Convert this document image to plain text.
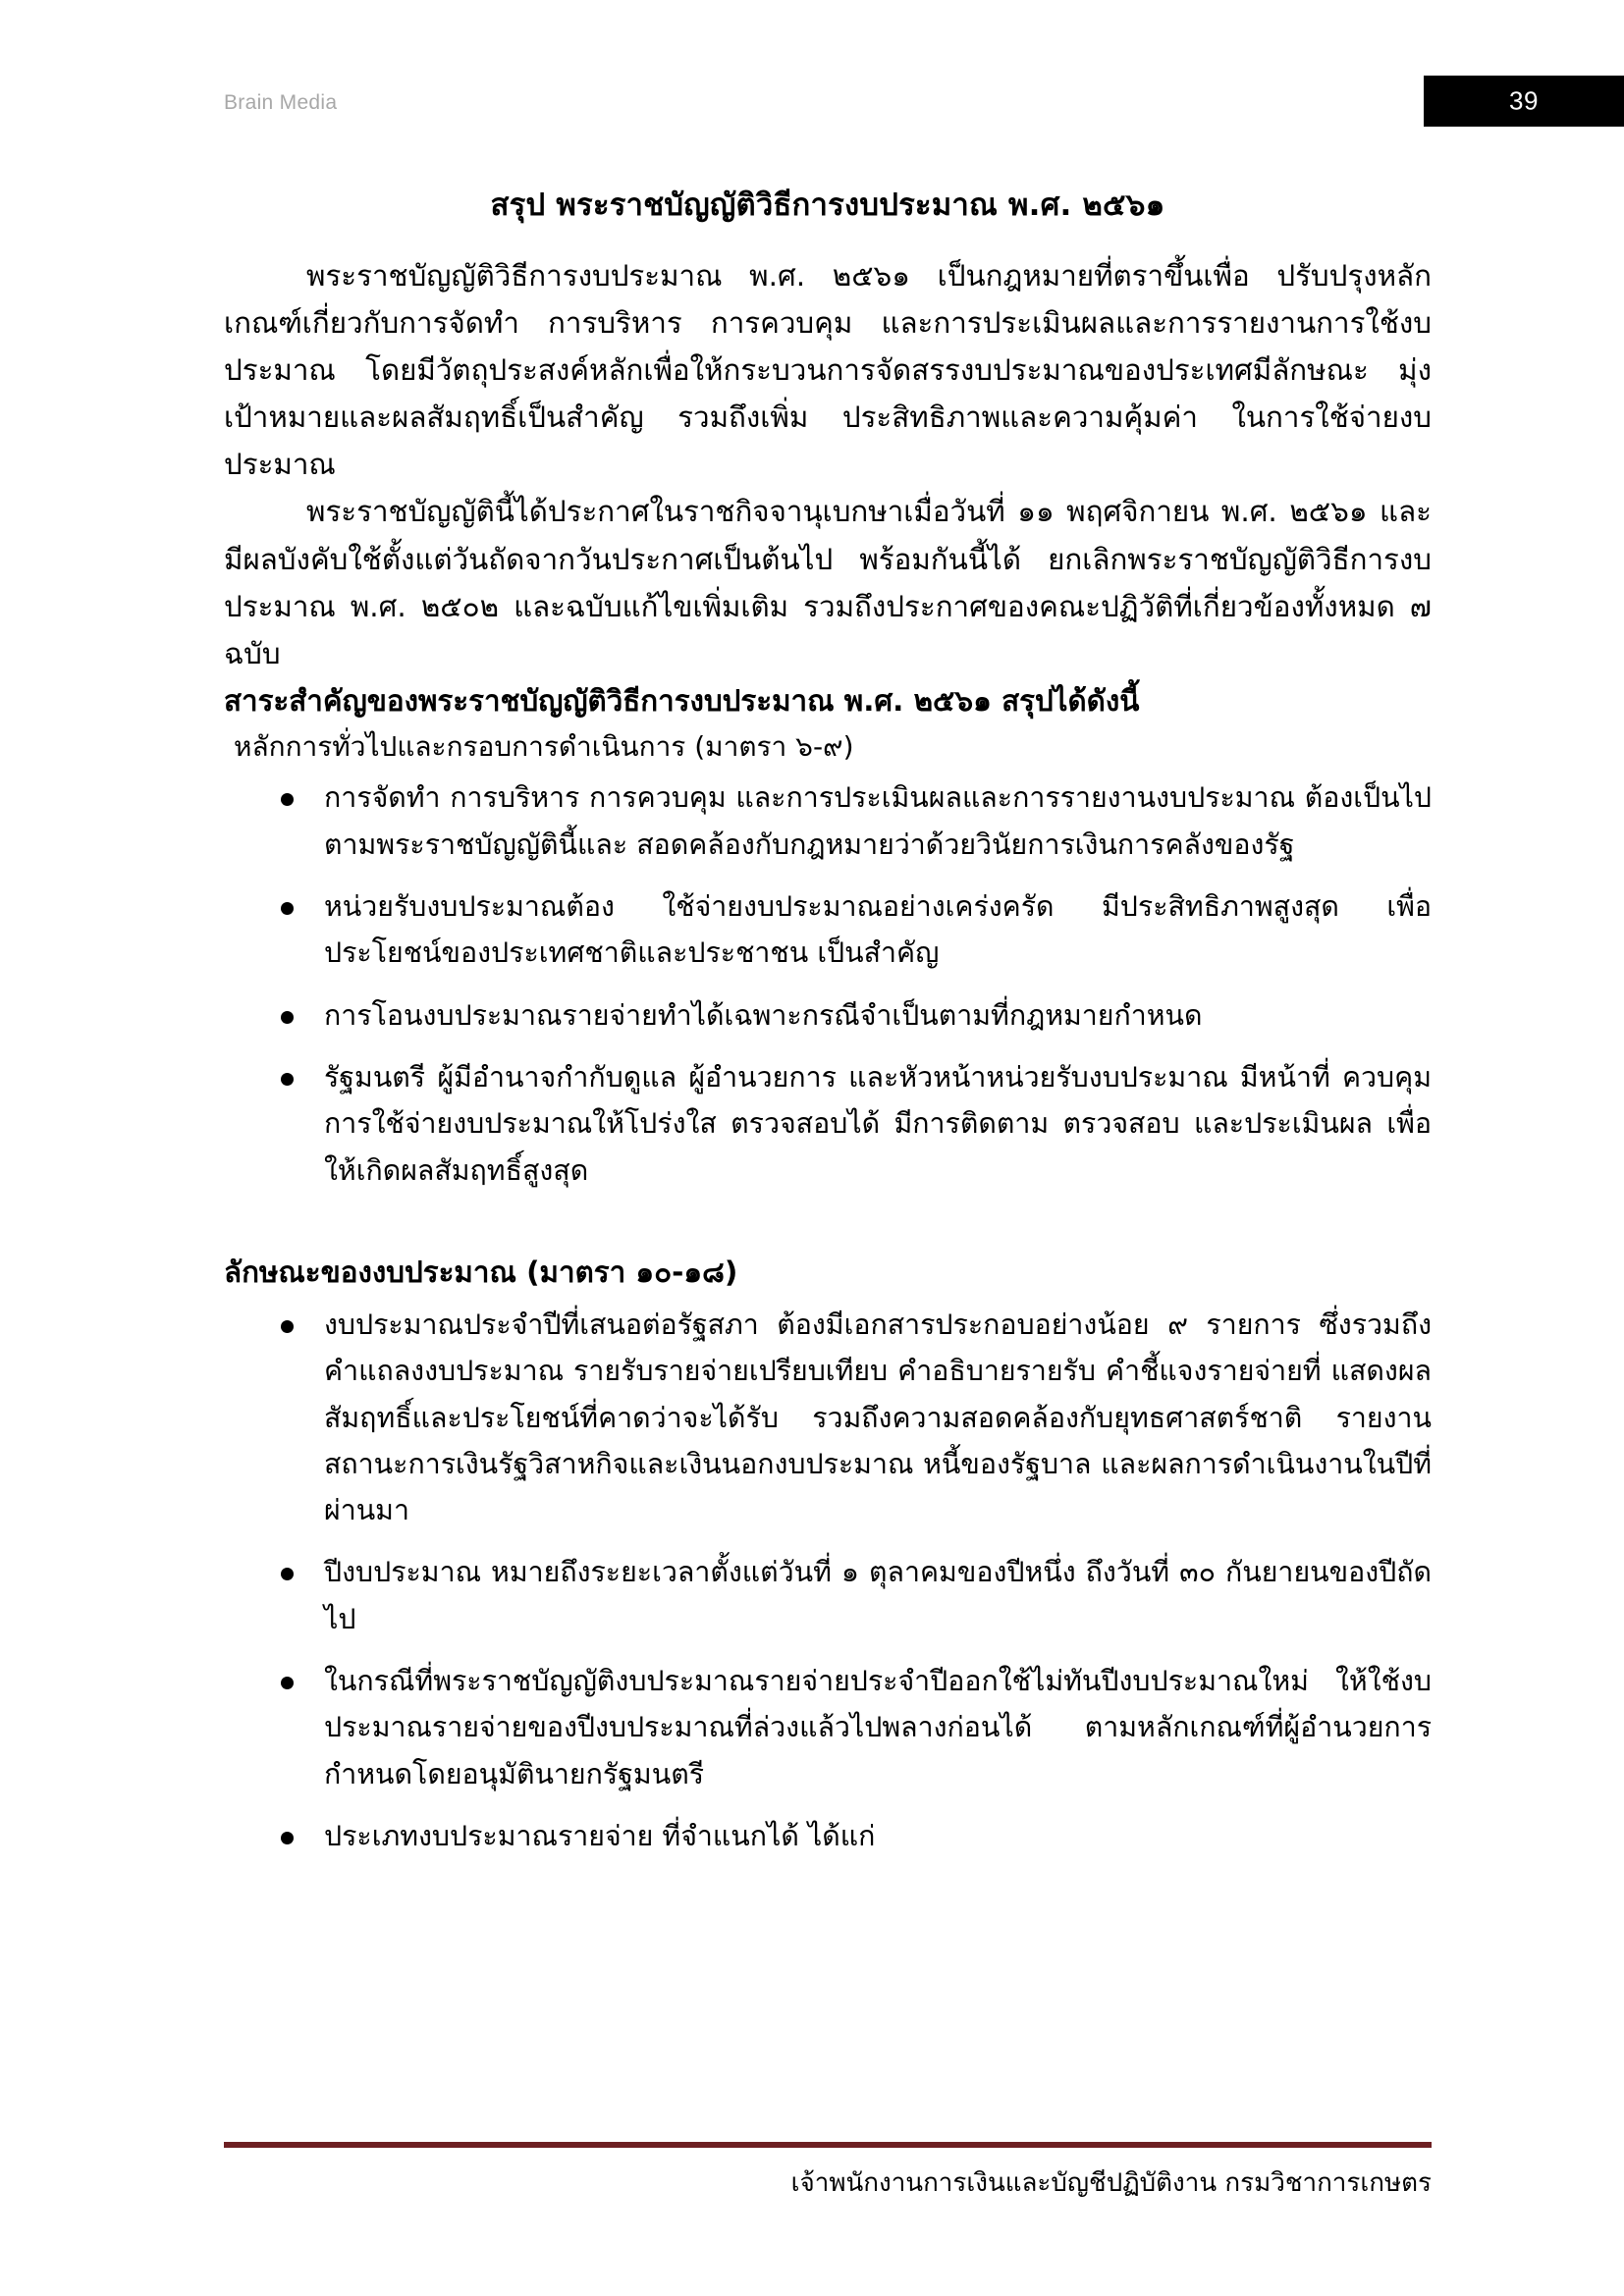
Brain Media	39
สรุป พระราชบัญญัติวิธีการงบประมาณ พ.ศ. ๒๕๖๑

พระราชบัญญัติวิธีการงบประมาณ พ.ศ. ๒๕๖๑ เป็นกฎหมายที่ตราขึ้นเพื่อ ปรับปรุงหลักเกณฑ์เกี่ยวกับการจัดทำ การบริหาร การควบคุม และการประเมินผลและการรายงานการใช้งบประมาณ โดยมีวัตถุประสงค์หลักเพื่อให้กระบวนการจัดสรรงบประมาณของประเทศมีลักษณะ มุ่งเป้าหมายและผลสัมฤทธิ์เป็นสำคัญ รวมถึงเพิ่ม ประสิทธิภาพและความคุ้มค่า ในการใช้จ่ายงบประมาณ

พระราชบัญญัตินี้ได้ประกาศในราชกิจจานุเบกษาเมื่อวันที่ ๑๑ พฤศจิกายน พ.ศ. ๒๕๖๑ และมีผลบังคับใช้ตั้งแต่วันถัดจากวันประกาศเป็นต้นไป พร้อมกันนี้ได้ ยกเลิกพระราชบัญญัติวิธีการงบประมาณ พ.ศ. ๒๕๐๒ และฉบับแก้ไขเพิ่มเติม รวมถึงประกาศของคณะปฏิวัติที่เกี่ยวข้องทั้งหมด ๗ ฉบับ

สาระสำคัญของพระราชบัญญัติวิธีการงบประมาณ พ.ศ. ๒๕๖๑ สรุปได้ดังนี้

หลักการทั่วไปและกรอบการดำเนินการ (มาตรา ๖-๙)

การจัดทำ การบริหาร การควบคุม และการประเมินผลและการรายงานงบประมาณ ต้องเป็นไปตามพระราชบัญญัตินี้และ สอดคล้องกับกฎหมายว่าด้วยวินัยการเงินการคลังของรัฐ
หน่วยรับงบประมาณต้อง ใช้จ่ายงบประมาณอย่างเคร่งครัด มีประสิทธิภาพสูงสุด เพื่อประโยชน์ของประเทศชาติและประชาชน เป็นสำคัญ
การโอนงบประมาณรายจ่ายทำได้เฉพาะกรณีจำเป็นตามที่กฎหมายกำหนด
รัฐมนตรี ผู้มีอำนาจกำกับดูแล ผู้อำนวยการ และหัวหน้าหน่วยรับงบประมาณ มีหน้าที่ ควบคุมการใช้จ่ายงบประมาณให้โปร่งใส ตรวจสอบได้ มีการติดตาม ตรวจสอบ และประเมินผล เพื่อให้เกิดผลสัมฤทธิ์สูงสุด
ลักษณะของงบประมาณ (มาตรา ๑๐-๑๘)
งบประมาณประจำปีที่เสนอต่อรัฐสภา ต้องมีเอกสารประกอบอย่างน้อย ๙ รายการ ซึ่งรวมถึงคำแถลงงบประมาณ รายรับรายจ่ายเปรียบเทียบ คำอธิบายรายรับ คำชี้แจงรายจ่ายที่ แสดงผลสัมฤทธิ์และประโยชน์ที่คาดว่าจะได้รับ รวมถึงความสอดคล้องกับยุทธศาสตร์ชาติ รายงานสถานะการเงินรัฐวิสาหกิจและเงินนอกงบประมาณ หนี้ของรัฐบาล และผลการดำเนินงานในปีที่ผ่านมา
ปีงบประมาณ หมายถึงระยะเวลาตั้งแต่วันที่ ๑ ตุลาคมของปีหนึ่ง ถึงวันที่ ๓๐ กันยายนของปีถัดไป
ในกรณีที่พระราชบัญญัติงบประมาณรายจ่ายประจำปีออกใช้ไม่ทันปีงบประมาณใหม่ ให้ใช้งบประมาณรายจ่ายของปีงบประมาณที่ล่วงแล้วไปพลางก่อนได้ ตามหลักเกณฑ์ที่ผู้อำนวยการกำหนดโดยอนุมัตินายกรัฐมนตรี
ประเภทงบประมาณรายจ่าย ที่จำแนกได้ ได้แก่
เจ้าพนักงานการเงินและบัญชีปฏิบัติงาน กรมวิชาการเกษตร
